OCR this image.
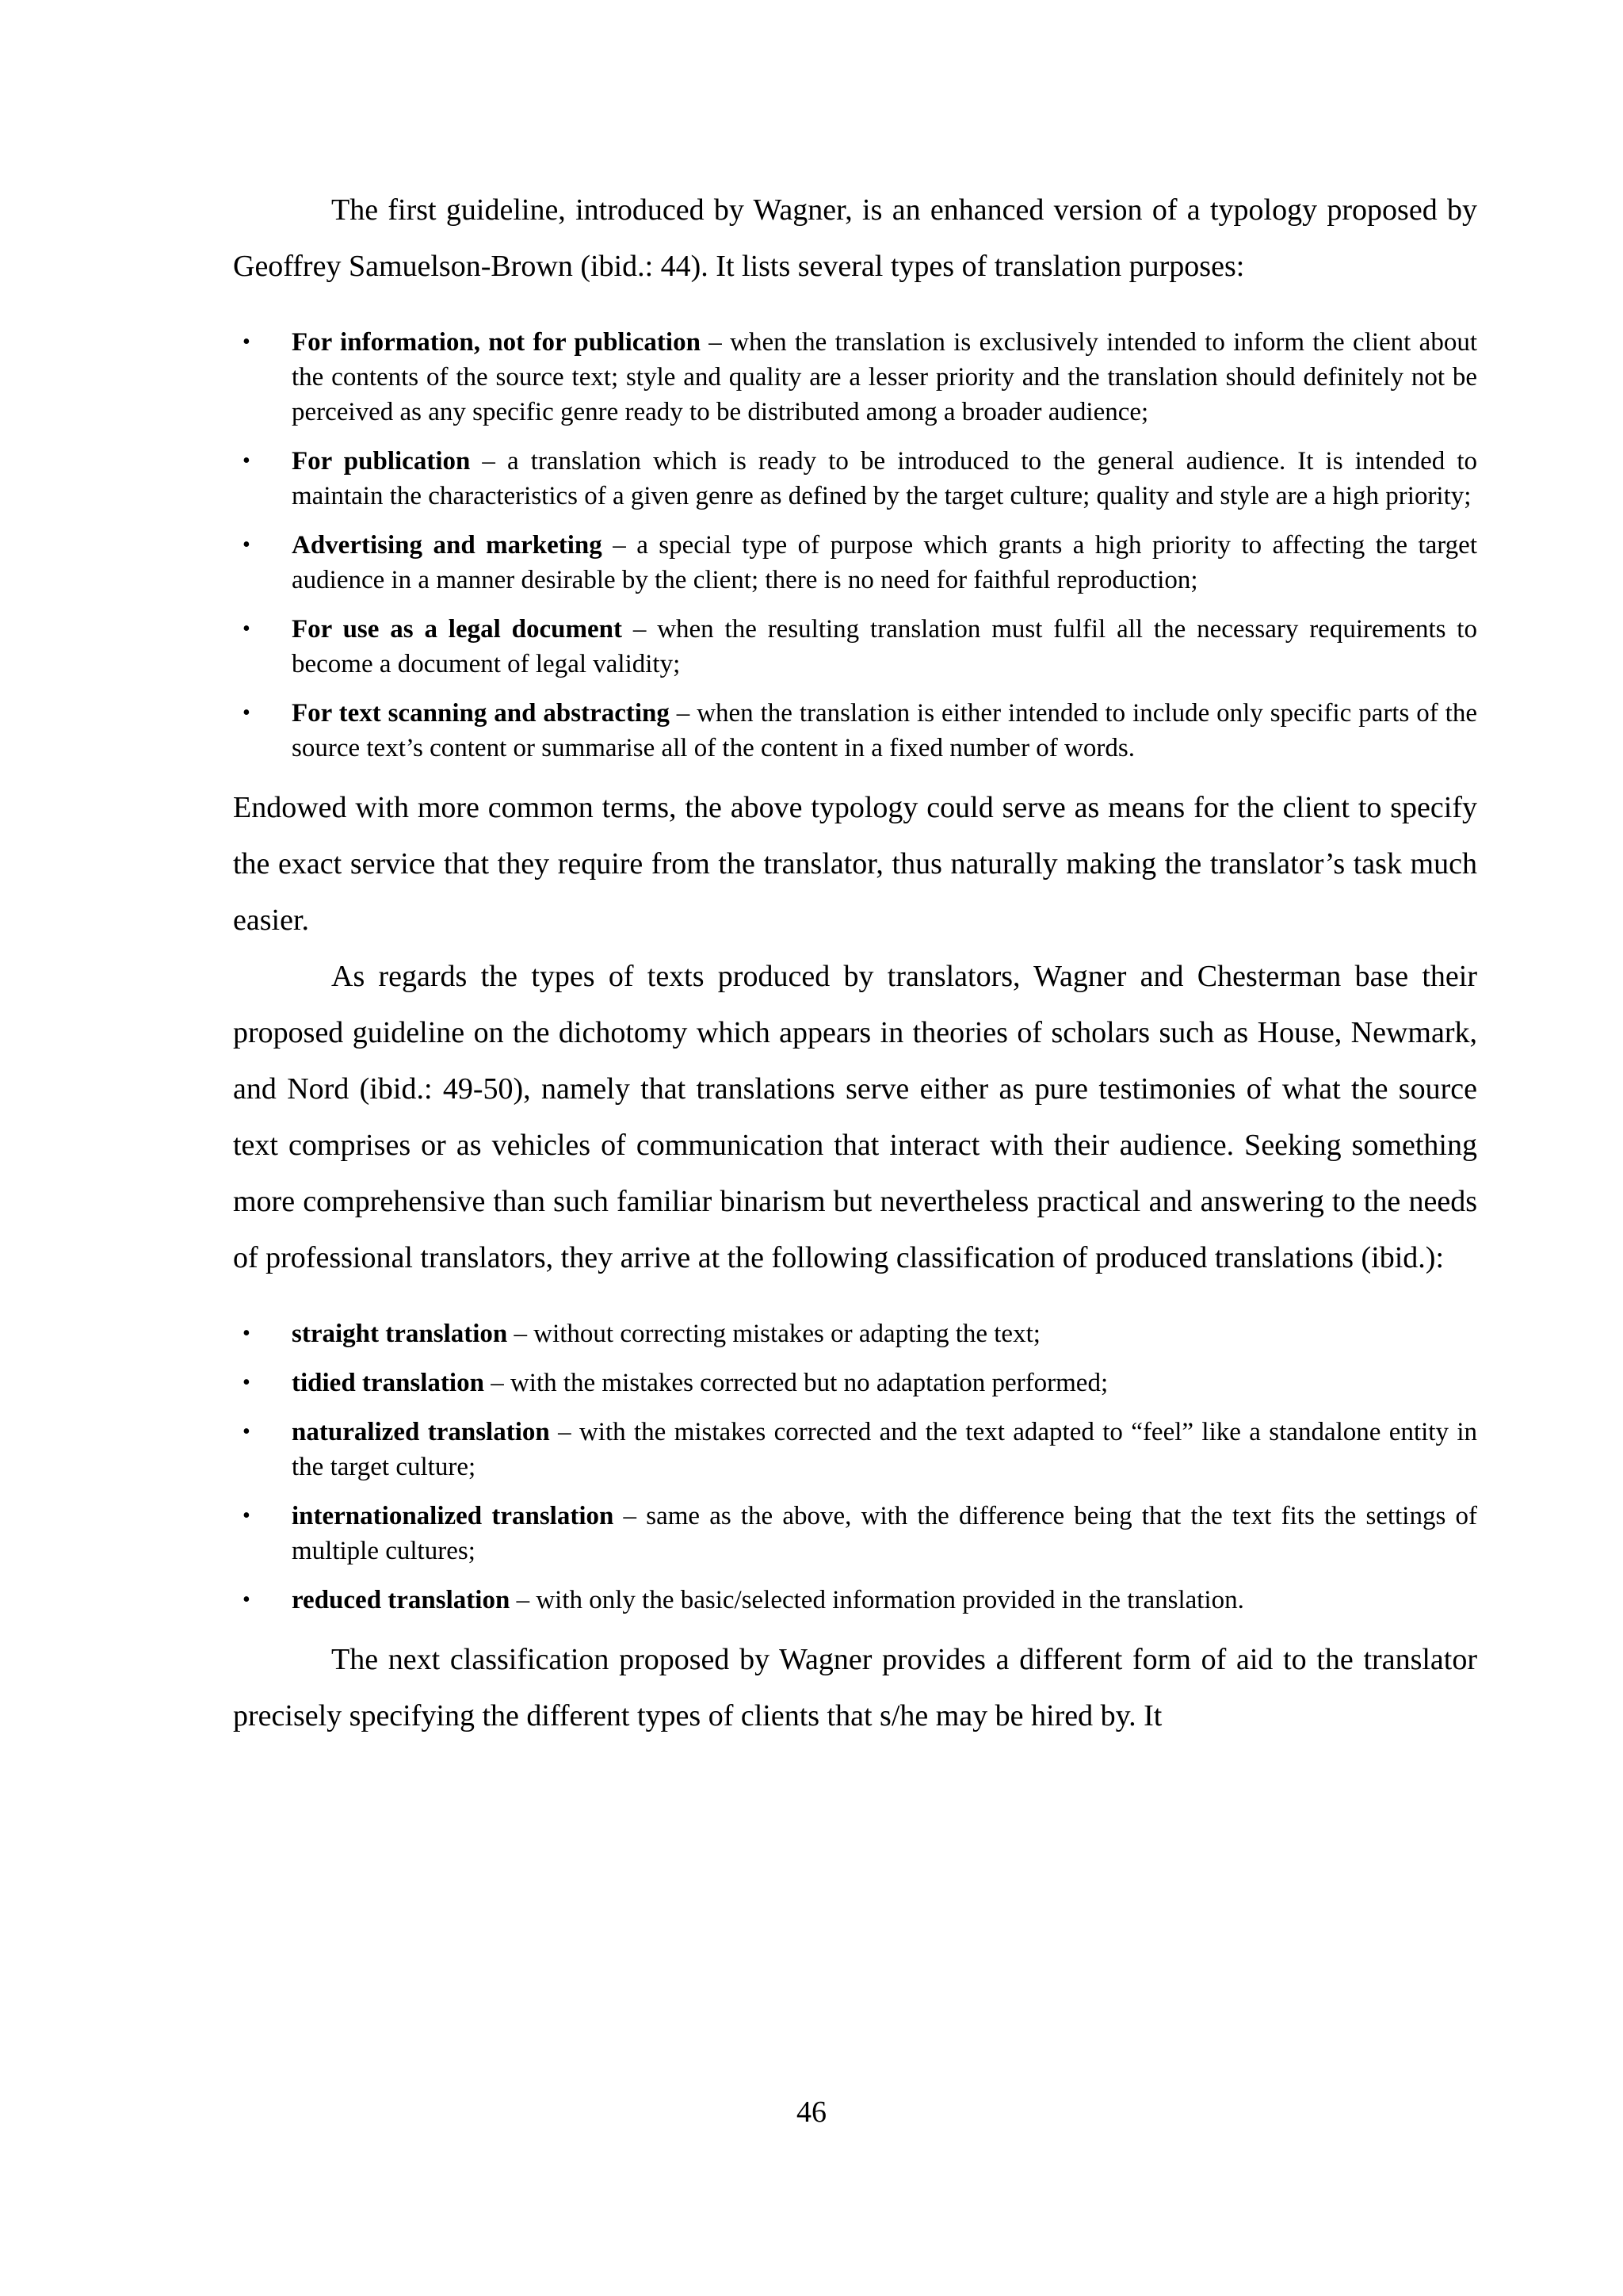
The first guideline, introduced by Wagner, is an enhanced version of a typology proposed by Geoffrey Samuelson-Brown (ibid.: 44). It lists several types of translation purposes:

• For information, not for publication – when the translation is exclusively intended to inform the client about the contents of the source text; style and quality are a lesser priority and the translation should definitely not be perceived as any specific genre ready to be distributed among a broader audience;
• For publication – a translation which is ready to be introduced to the general audience. It is intended to maintain the characteristics of a given genre as defined by the target culture; quality and style are a high priority;
• Advertising and marketing – a special type of purpose which grants a high priority to affecting the target audience in a manner desirable by the client; there is no need for faithful reproduction;
• For use as a legal document – when the resulting translation must fulfil all the necessary requirements to become a document of legal validity;
• For text scanning and abstracting – when the translation is either intended to include only specific parts of the source text’s content or summarise all of the content in a fixed number of words.

Endowed with more common terms, the above typology could serve as means for the client to specify the exact service that they require from the translator, thus naturally making the translator’s task much easier.

As regards the types of texts produced by translators, Wagner and Chesterman base their proposed guideline on the dichotomy which appears in theories of scholars such as House, Newmark, and Nord (ibid.: 49-50), namely that translations serve either as pure testimonies of what the source text comprises or as vehicles of communication that interact with their audience. Seeking something more comprehensive than such familiar binarism but nevertheless practical and answering to the needs of professional translators, they arrive at the following classification of produced translations (ibid.):

• straight translation – without correcting mistakes or adapting the text;
• tidied translation – with the mistakes corrected but no adaptation performed;
• naturalized translation – with the mistakes corrected and the text adapted to “feel” like a standalone entity in the target culture;
• internationalized translation – same as the above, with the difference being that the text fits the settings of multiple cultures;
• reduced translation – with only the basic/selected information provided in the translation.

The next classification proposed by Wagner provides a different form of aid to the translator precisely specifying the different types of clients that s/he may be hired by. It

46
